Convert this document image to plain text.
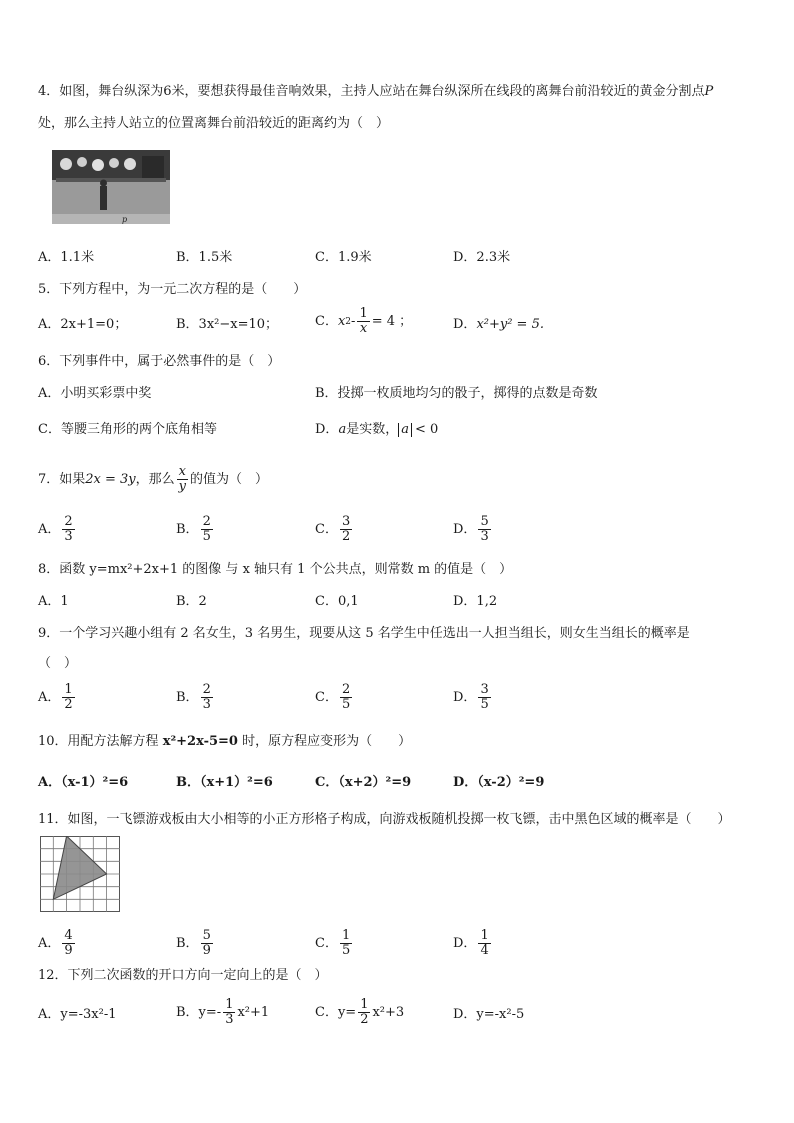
4．如图，舞台纵深为6米，要想获得最佳音响效果，主持人应站在舞台纵深所在线段的离舞台前沿较近的黄金分割点P
处，那么主持人站立的位置离舞台前沿较近的距离约为（　）
p
A．1.1米	B．1.5米	C．1.9米	D．2.3米
5．下列方程中，为一元二次方程的是（　　）
A．2x+1=0；	B．3x²−x=10；	C． x $2 - \frac{1}{x} = 4$ ；	D． x²+y² = 5.
6．下列事件中，属于必然事件的是（　）
A．小明买彩票中奖	B．投掷一枚质地均匀的骰子，掷得的点数是奇数
C．等腰三角形的两个底角相等	D． a 是实数， a < 0
7．如果 2x = 3y ，那么 $\frac{x}{y}$ 的值为（　）
A． $\frac{2}{3}$	B． $\frac{2}{5}$	C． $\frac{3}{2}$	D． $\frac{5}{3}$
8．函数 y=mx²+2x+1 的图像 与 x 轴只有 1 个公共点，则常数 m 的值是（　）
A．1	B．2	C．0,1	D．1,2
9．一个学习兴趣小组有 2 名女生，3 名男生，现要从这 5 名学生中任选出一人担当组长，则女生当组长的概率是
（　）
A． $\frac{1}{2}$	B． $\frac{2}{3}$	C． $\frac{2}{5}$	D． $\frac{3}{5}$
10．用配方法解方程 x²+2x-5=0 时，原方程应变形为（　　）
A．（x-1）²=6	B．（x+1）²=6	C．（x+2）²=9	D．（x-2）²=9
11．如图，一飞镖游戏板由大小相等的小正方形格子构成，向游戏板随机投掷一枚飞镖，击中黑色区域的概率是（　　）
A． $\frac{4}{9}$	B． $\frac{5}{9}$	C． $\frac{1}{5}$	D． $\frac{1}{4}$
12．下列二次函数的开口方向一定向上的是（　）
A．y=-3x²-1	B．$y=- \frac{1}{3} x^2+1$	C．$y= \frac{1}{2} x^2+3$	D．y=-x²-5
